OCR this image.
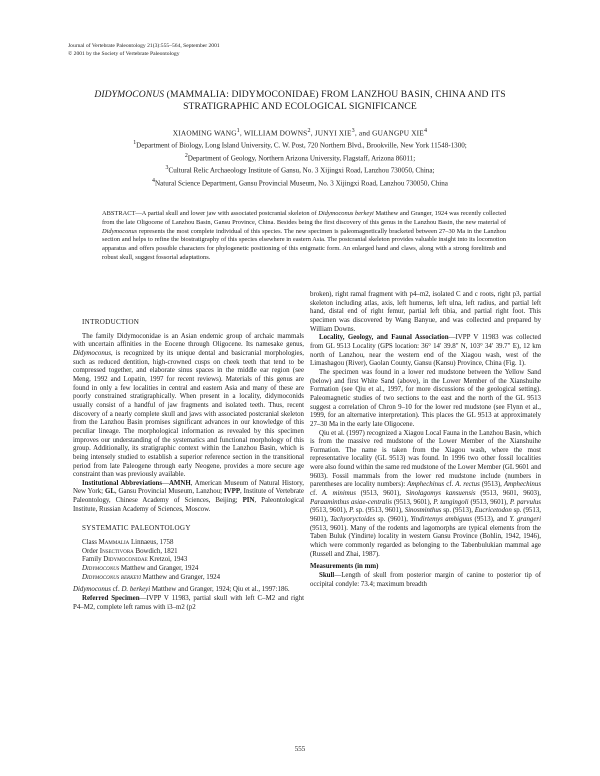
Journal of Vertebrate Paleontology 21(3):555–564, September 2001
© 2001 by the Society of Vertebrate Paleontology
DIDYMOCONUS (MAMMALIA: DIDYMOCONIDAE) FROM LANZHOU BASIN, CHINA AND ITS
STRATIGRAPHIC AND ECOLOGICAL SIGNIFICANCE
XIAOMING WANG$^1$, WILLIAM DOWNS$^2$, JUNYI XIE$^3$, and GUANGPU XIE$^4$
$^1$Department of Biology, Long Island University, C. W. Post, 720 Northern Blvd., Brookville, New York 11548-1300;
$^2$Department of Geology, Northern Arizona University, Flagstaff, Arizona 86011;
$^3$Cultural Relic Archaeology Institute of Gansu, No. 3 Xijingxi Road, Lanzhou 730050, China;
$^4$Natural Science Department, Gansu Provincial Museum, No. 3 Xijingxi Road, Lanzhou 730050, China

ABSTRACT—A partial skull and lower jaw with associated postcranial skeleton of Didymoconus berkeyi Matthew and Granger, 1924 was recently collected from the late Oligocene of Lanzhou Basin, Gansu Province, China. Besides being the first discovery of this genus in the Lanzhou Basin, the new material of Didymoconus represents the most complete individual of this species. The new specimen is paleomagnetically bracketed between 27–30 Ma in the Lanzhou section and helps to refine the biostratigraphy of this species elsewhere in eastern Asia. The postcranial skeleton provides valuable insight into its locomotion apparatus and offers possible characters for phylogenetic positioning of this enigmatic form. An enlarged hand and claws, along with a strong foreliimb and robust skull, suggest fossorial adaptations.

INTRODUCTION

The family Didymoconidae is an Asian endemic group of archaic mammals with uncertain affinities in the Eocene through Oligocene. Its namesake genus, Didymoconus, is recognized by its unique dental and basicranial morphologies, such as reduced dentition, high-crowned cusps on cheek teeth that tend to be compressed together, and elaborate sinus spaces in the middle ear region (see Meng, 1992 and Lopatin, 1997 for recent reviews). Materials of this genus are found in only a few localities in central and eastern Asia and many of these are poorly constrained stratigraphically. When present in a locality, didymoconids usually consist of a handful of jaw fragments and isolated teeth. Thus, recent discovery of a nearly complete skull and jaws with associated postcranial skeleton from the Lanzhou Basin promises significant advances in our knowledge of this peculiar lineage. The morphological information as revealed by this specimen improves our understanding of the systematics and functional morphology of this group. Additionally, its stratigraphic context within the Lanzhou Basin, which is being intensely studied to establish a superior reference section in the transitional period from late Paleogene through early Neogene, provides a more secure age constraint than was previously available.

Institutional Abbreviations—AMNH, American Museum of Natural History, New York; GL, Gansu Provincial Museum, Lanzhou; IVPP, Institute of Vertebrate Paleontology, Chinese Academy of Sciences, Beijing; PIN, Paleontological Institute, Russian Academy of Sciences, Moscow.

SYSTEMATIC PALEONTOLOGY

Class Mammalia Linnaeus, 1758

Order Insectivora Bowdich, 1821

Family Didymoconidae Kretzoi, 1943

Didymoconus Matthew and Granger, 1924

Didymoconus berkeyi Matthew and Granger, 1924

Didymoconus cf. D. berkeyi Matthew and Granger, 1924; Qiu et al., 1997:186.

Referred Specimen—IVPP V 11983, partial skull with left C–M2 and right P4–M2, complete left ramus with i3–m2 (p2

broken), right ramal fragment with p4–m2, isolated C and c roots, right p3, partial skeleton including atlas, axis, left humerus, left ulna, left radius, and partial left hand, distal end of right femur, partial left tibia, and partial right foot. This specimen was discovered by Wang Banyue, and was collected and prepared by William Downs.

Locality, Geology, and Faunal Association—IVPP V 11983 was collected from GL 9513 Locality (GPS location: 36° 14′ 39.8″ N, 103° 34′ 39.7″ E), 12 km north of Lanzhou, near the western end of the Xiagou wash, west of the Limashagou (River), Gaolan County, Gansu (Kansu) Province, China (Fig. 1).

The specimen was found in a lower red mudstone between the Yellow Sand (below) and first White Sand (above), in the Lower Member of the Xianshuihe Formation (see Qiu et al., 1997, for more discussions of the geological setting). Paleomagnetic studies of two sections to the east and the north of the GL 9513 suggest a correlation of Chron 9–10 for the lower red mudstone (see Flynn et al., 1999, for an alternative interpretation). This places the GL 9513 at approximately 27–30 Ma in the early late Oligocene.

Qiu et al. (1997) recognized a Xiagou Local Fauna in the Lanzhou Basin, which is from the massive red mudstone of the Lower Member of the Xianshuihe Formation. The name is taken from the Xiagou wash, where the most representative locality (GL 9513) was found. In 1996 two other fossil localities were also found within the same red mudstone of the Lower Member (GL 9601 and 9603). Fossil mammals from the lower red mudstone include (numbers in parentheses are locality numbers): Amphechinus cf. A. rectus (9513), Amphechinus cf. A. minimus (9513, 9601), Sinolagomys kansuensis (9513, 9601, 9603), Paraaminthus asiae-centralis (9513, 9601), P. tangingoli (9513, 9601), P. parvulus (9513, 9601), P. sp. (9513, 9601), Sinosminthus sp. (9513), Eucricetodon sp. (9513, 9601), Tachyoryctoides sp. (9601), Yindirtemys ambiguus (9513), and Y. grangeri (9513, 9601). Many of the rodents and lagomorphs are typical elements from the Taben Buluk (Yindirte) locality in western Gansu Province (Bohlin, 1942, 1946), which were commonly regarded as belonging to the Tabenbulukian mammal age (Russell and Zhai, 1987).

Measurements (in mm)

Skull—Length of skull from posterior margin of canine to posterior tip of occipital condyle: 73.4; maximum breadth

555
